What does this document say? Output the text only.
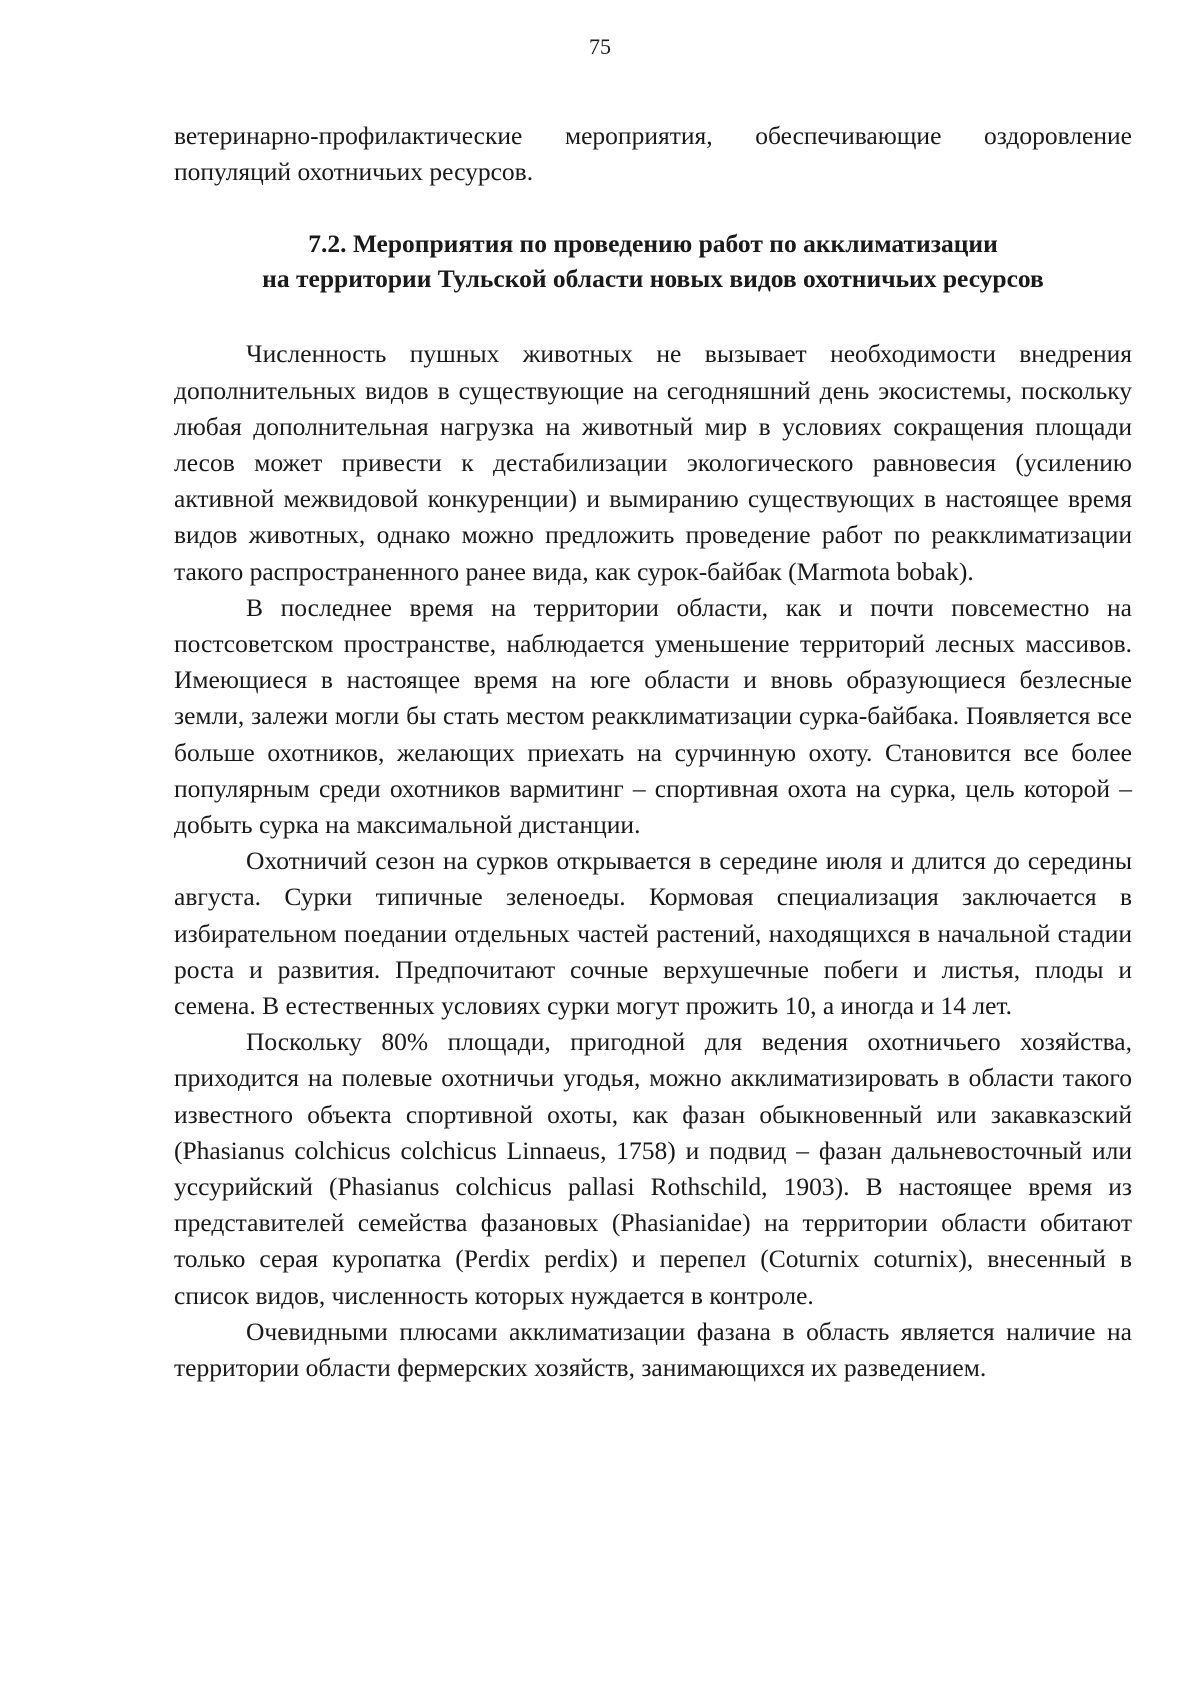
75

ветеринарно-профилактические мероприятия, обеспечивающие оздоровление популяций охотничьих ресурсов.

7.2. Мероприятия по проведению работ по акклиматизации
на территории Тульской области новых видов охотничьих ресурсов

Численность пушных животных не вызывает необходимости внедрения дополнительных видов в существующие на сегодняшний день экосистемы, поскольку любая дополнительная нагрузка на животный мир в условиях сокращения площади лесов может привести к дестабилизации экологического равновесия (усилению активной межвидовой конкуренции) и вымиранию существующих в настоящее время видов животных, однако можно предложить проведение работ по реакклиматизации такого распространенного ранее вида, как сурок-байбак (Marmota bobak).

В последнее время на территории области, как и почти повсеместно на постсоветском пространстве, наблюдается уменьшение территорий лесных массивов. Имеющиеся в настоящее время на юге области и вновь образующиеся безлесные земли, залежи могли бы стать местом реакклиматизации сурка-байбака. Появляется все больше охотников, желающих приехать на сурчинную охоту. Становится все более популярным среди охотников вармитинг – спортивная охота на сурка, цель которой – добыть сурка на максимальной дистанции.

Охотничий сезон на сурков открывается в середине июля и длится до середины августа. Сурки типичные зеленоеды. Кормовая специализация заключается в избирательном поедании отдельных частей растений, находящихся в начальной стадии роста и развития. Предпочитают сочные верхушечные побеги и листья, плоды и семена. В естественных условиях сурки могут прожить 10, а иногда и 14 лет.

Поскольку 80% площади, пригодной для ведения охотничьего хозяйства, приходится на полевые охотничьи угодья, можно акклиматизировать в области такого известного объекта спортивной охоты, как фазан обыкновенный или закавказский (Phasianus colchicus colchicus Linnaeus, 1758) и подвид – фазан дальневосточный или уссурийский (Phasianus colchicus pallasi Rothschild, 1903). В настоящее время из представителей семейства фазановых (Phasianidae) на территории области обитают только серая куропатка (Perdix perdix) и перепел (Coturnix coturnix), внесенный в список видов, численность которых нуждается в контроле.

Очевидными плюсами акклиматизации фазана в область является наличие на территории области фермерских хозяйств, занимающихся их разведением.
